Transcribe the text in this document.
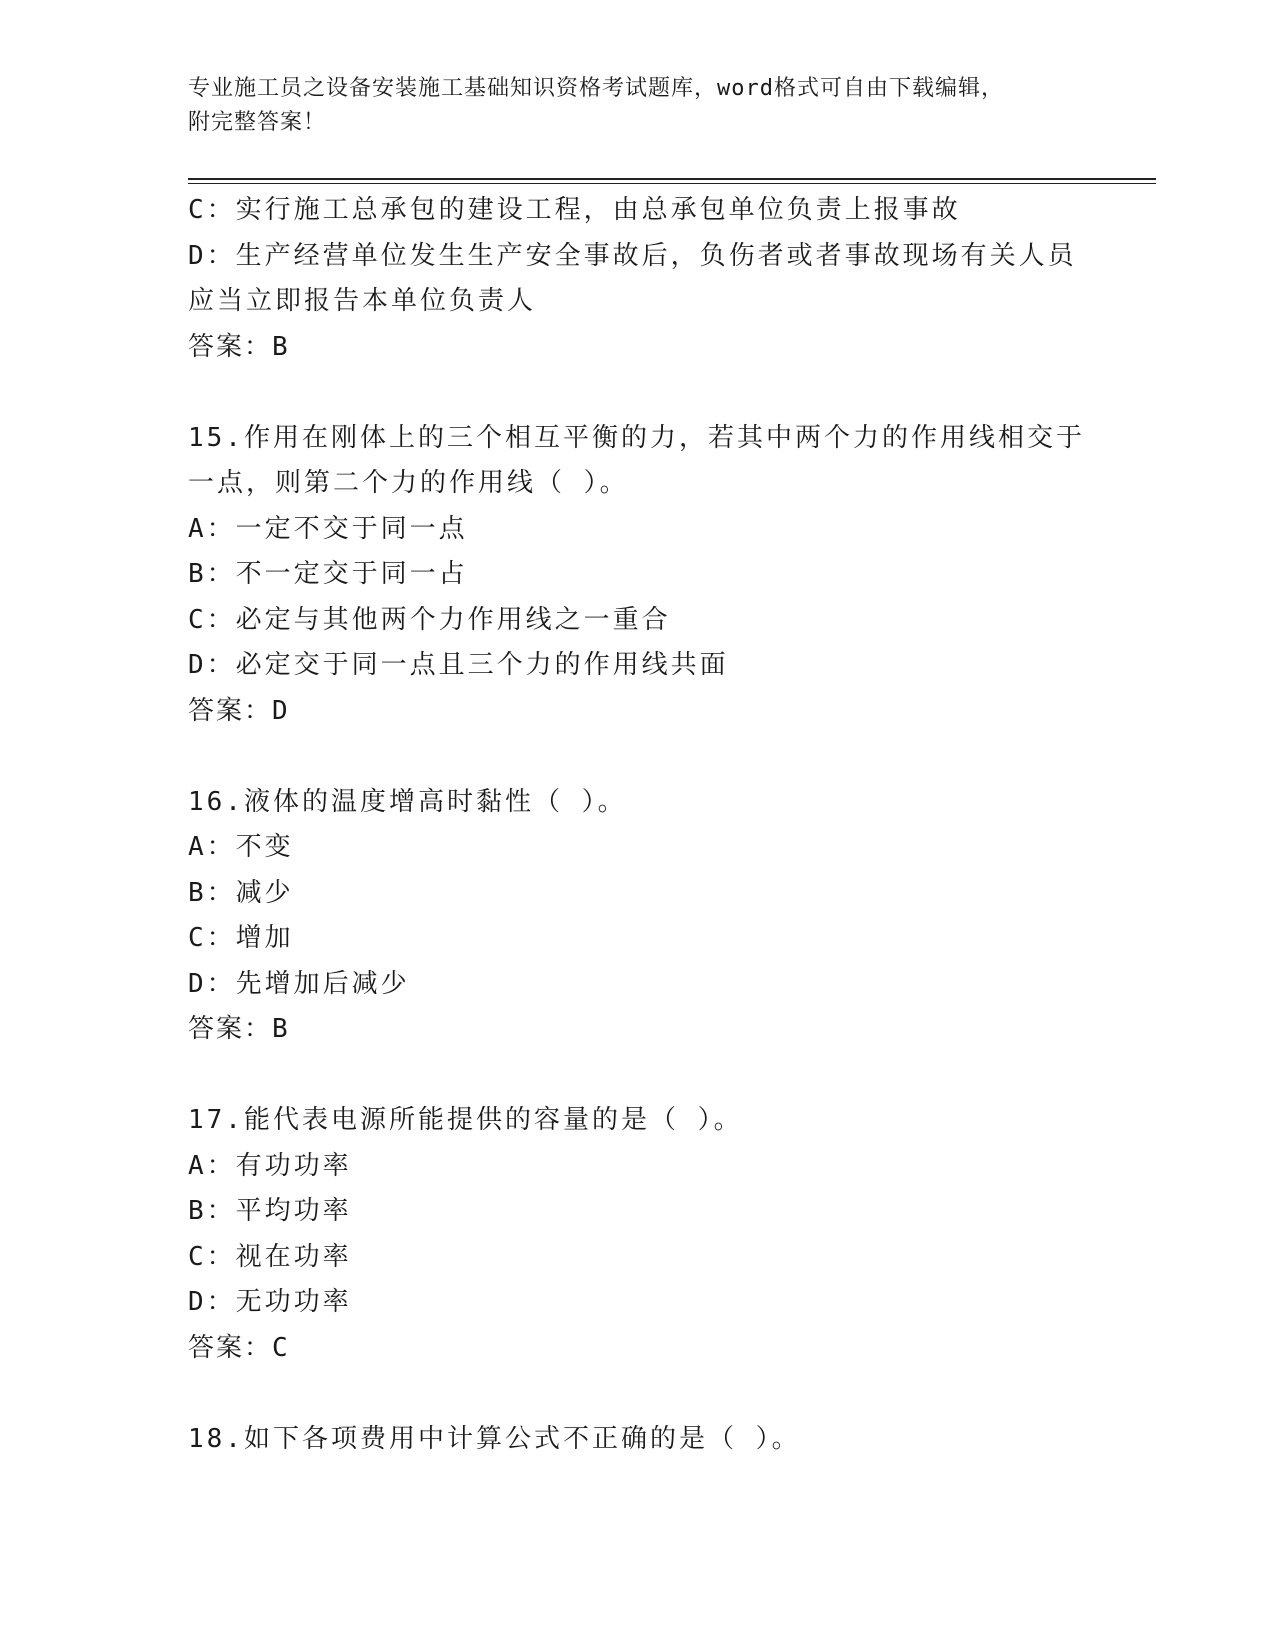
专业施工员之设备安装施工基础知识资格考试题库，word格式可自由下载编辑，
附完整答案！
C：实行施工总承包的建设工程，由总承包单位负责上报事故
D：生产经营单位发生生产安全事故后，负伤者或者事故现场有关人员
应当立即报告本单位负责人
答案：B
15.作用在刚体上的三个相互平衡的力，若其中两个力的作用线相交于
一点，则第二个力的作用线（ ）。
A：一定不交于同一点
B：不一定交于同一占
C：必定与其他两个力作用线之一重合
D：必定交于同一点且三个力的作用线共面
答案：D
16.液体的温度增高时黏性（ ）。
A：不变
B：减少
C：增加
D：先增加后减少
答案：B
17.能代表电源所能提供的容量的是（ ）。
A：有功功率
B：平均功率
C：视在功率
D：无功功率
答案：C
18.如下各项费用中计算公式不正确的是（ ）。
